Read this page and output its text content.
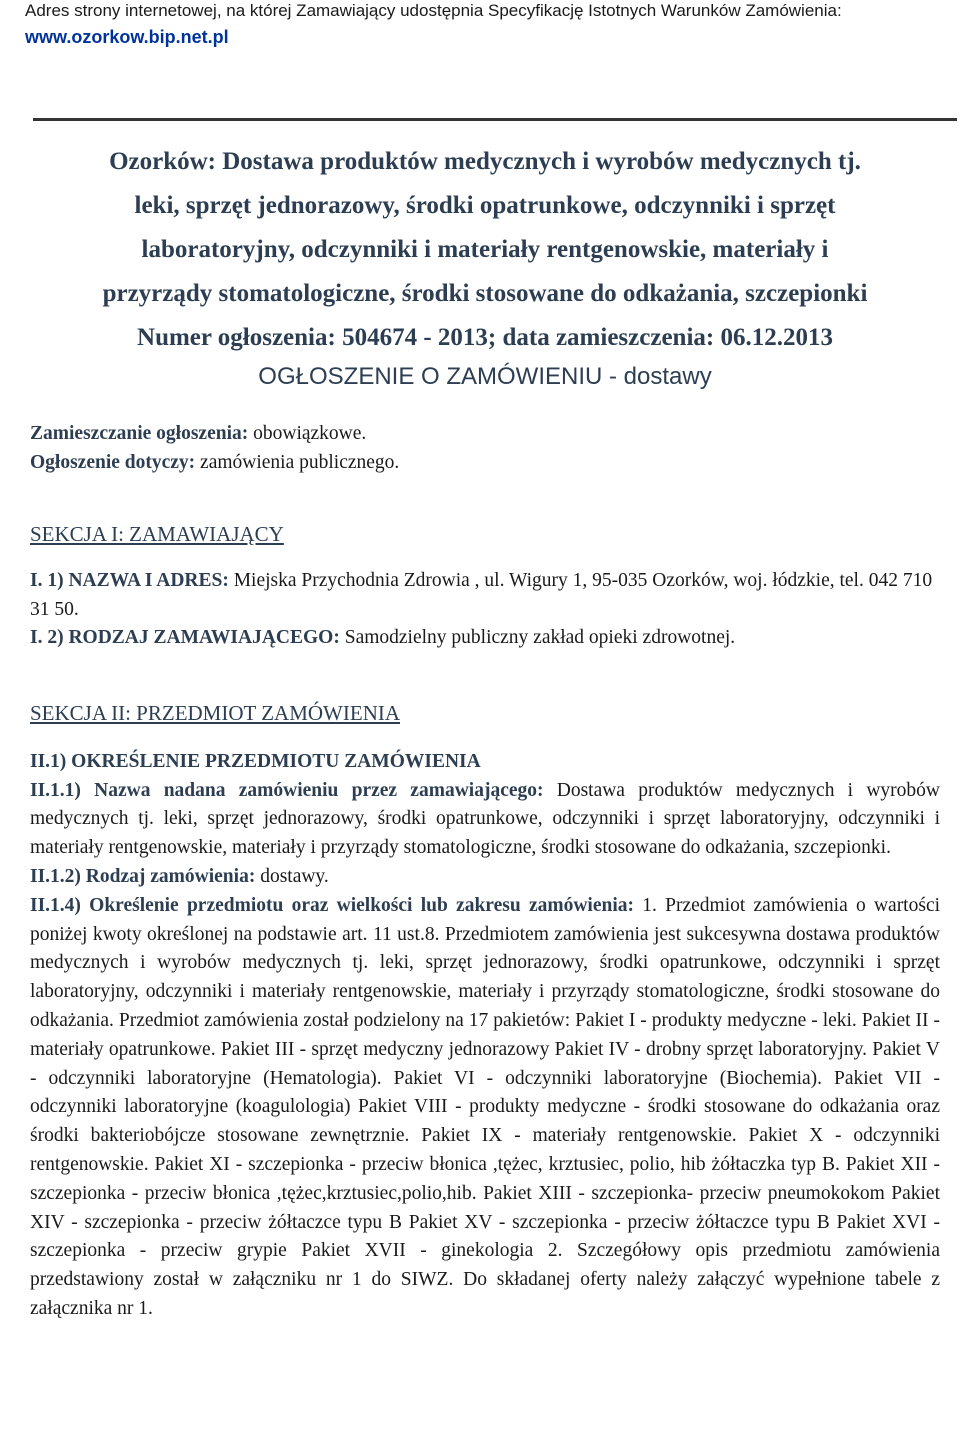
Adres strony internetowej, na której Zamawiający udostępnia Specyfikację Istotnych Warunków Zamówienia:

www.ozorkow.bip.net.pl
Ozorków: Dostawa produktów medycznych i wyrobów medycznych tj.
leki, sprzęt jednorazowy, środki opatrunkowe, odczynniki i sprzęt
laboratoryjny, odczynniki i materiały rentgenowskie, materiały i
przyrządy stomatologiczne, środki stosowane do odkażania, szczepionki
Numer ogłoszenia: 504674 - 2013; data zamieszczenia: 06.12.2013
OGŁOSZENIE O ZAMÓWIENIU - dostawy

Zamieszczanie ogłoszenia: obowiązkowe.

Ogłoszenie dotyczy: zamówienia publicznego.

SEKCJA I: ZAMAWIAJĄCY

I. 1) NAZWA I ADRES: Miejska Przychodnia Zdrowia , ul. Wigury 1, 95-035 Ozorków, woj. łódzkie, tel. 042 710 31 50.

I. 2) RODZAJ ZAMAWIAJĄCEGO: Samodzielny publiczny zakład opieki zdrowotnej.

SEKCJA II: PRZEDMIOT ZAMÓWIENIA

II.1) OKREŚLENIE PRZEDMIOTU ZAMÓWIENIA

II.1.1) Nazwa nadana zamówieniu przez zamawiającego: Dostawa produktów medycznych i wyrobów medycznych tj. leki, sprzęt jednorazowy, środki opatrunkowe, odczynniki i sprzęt laboratoryjny, odczynniki i materiały rentgenowskie, materiały i przyrządy stomatologiczne, środki stosowane do odkażania, szczepionki.

II.1.2) Rodzaj zamówienia: dostawy.

II.1.4) Określenie przedmiotu oraz wielkości lub zakresu zamówienia: 1. Przedmiot zamówienia o wartości poniżej kwoty określonej na podstawie art. 11 ust.8. Przedmiotem zamówienia jest sukcesywna dostawa produktów medycznych i wyrobów medycznych tj. leki, sprzęt jednorazowy, środki opatrunkowe, odczynniki i sprzęt laboratoryjny, odczynniki i materiały rentgenowskie, materiały i przyrządy stomatologiczne, środki stosowane do odkażania. Przedmiot zamówienia został podzielony na 17 pakietów: Pakiet I - produkty medyczne - leki. Pakiet II - materiały opatrunkowe. Pakiet III - sprzęt medyczny jednorazowy Pakiet IV - drobny sprzęt laboratoryjny. Pakiet V - odczynniki laboratoryjne (Hematologia). Pakiet VI - odczynniki laboratoryjne (Biochemia). Pakiet VII - odczynniki laboratoryjne (koagulologia) Pakiet VIII - produkty medyczne - środki stosowane do odkażania oraz środki bakteriobójcze stosowane zewnętrznie. Pakiet IX - materiały rentgenowskie. Pakiet X - odczynniki rentgenowskie. Pakiet XI - szczepionka - przeciw błonica ,tężec, krztusiec, polio, hib żółtaczka typ B. Pakiet XII - szczepionka - przeciw błonica ,tężec,krztusiec,polio,hib. Pakiet XIII - szczepionka- przeciw pneumokokom Pakiet XIV - szczepionka - przeciw żółtaczce typu B Pakiet XV - szczepionka - przeciw żółtaczce typu B Pakiet XVI - szczepionka - przeciw grypie Pakiet XVII - ginekologia 2. Szczegółowy opis przedmiotu zamówienia przedstawiony został w załączniku nr 1 do SIWZ. Do składanej oferty należy załączyć wypełnione tabele z załącznika nr 1.
